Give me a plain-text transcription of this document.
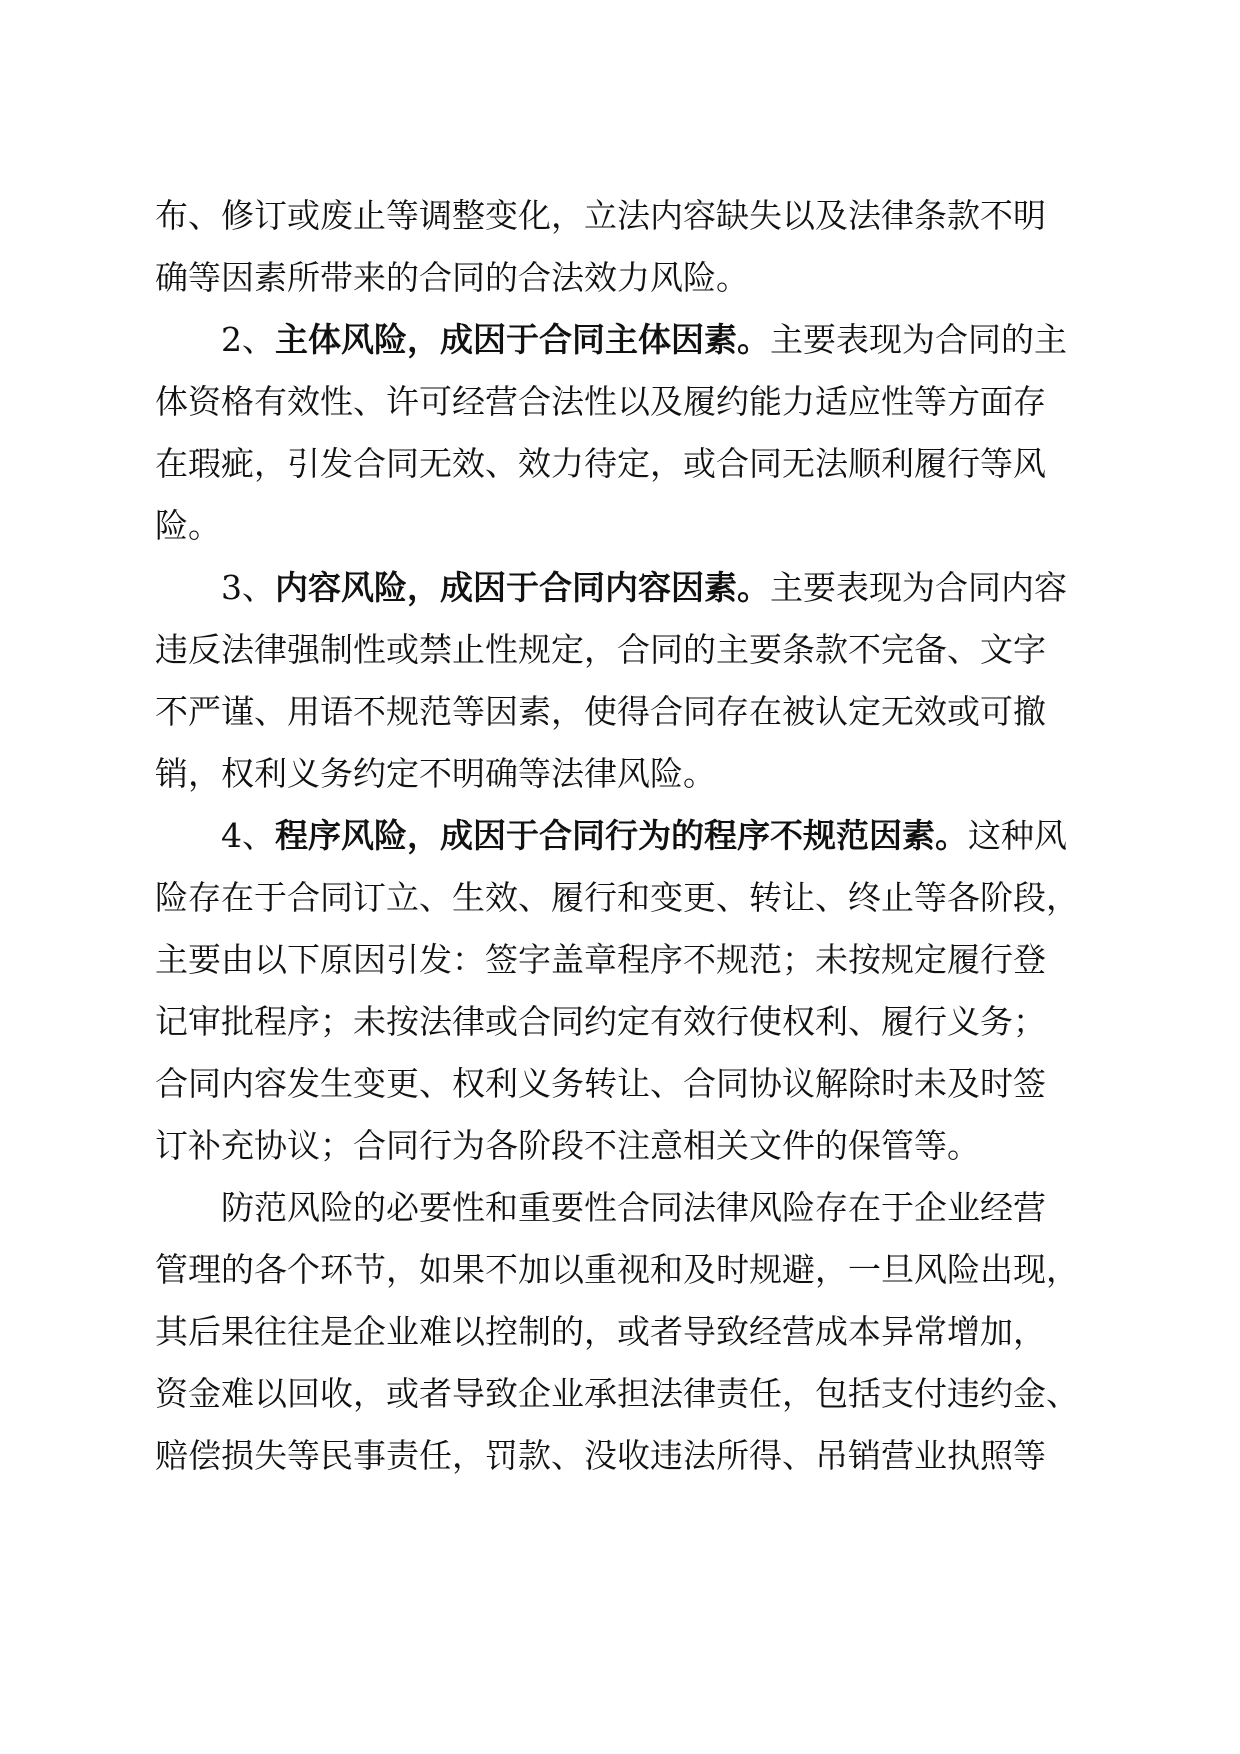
布、修订或废止等调整变化，立法内容缺失以及法律条款不明
确等因素所带来的合同的合法效力风险。
2、主体风险，成因于合同主体因素。主要表现为合同的主
体资格有效性、许可经营合法性以及履约能力适应性等方面存
在瑕疵，引发合同无效、效力待定，或合同无法顺利履行等风
险。
3、内容风险，成因于合同内容因素。主要表现为合同内容
违反法律强制性或禁止性规定，合同的主要条款不完备、文字
不严谨、用语不规范等因素，使得合同存在被认定无效或可撤
销，权利义务约定不明确等法律风险。
4、程序风险，成因于合同行为的程序不规范因素。这种风
险存在于合同订立、生效、履行和变更、转让、终止等各阶段，
主要由以下原因引发：签字盖章程序不规范；未按规定履行登
记审批程序；未按法律或合同约定有效行使权利、履行义务；
合同内容发生变更、权利义务转让、合同协议解除时未及时签
订补充协议；合同行为各阶段不注意相关文件的保管等。
防范风险的必要性和重要性合同法律风险存在于企业经营
管理的各个环节，如果不加以重视和及时规避，一旦风险出现，
其后果往往是企业难以控制的，或者导致经营成本异常增加，
资金难以回收，或者导致企业承担法律责任，包括支付违约金、
赔偿损失等民事责任，罚款、没收违法所得、吊销营业执照等
